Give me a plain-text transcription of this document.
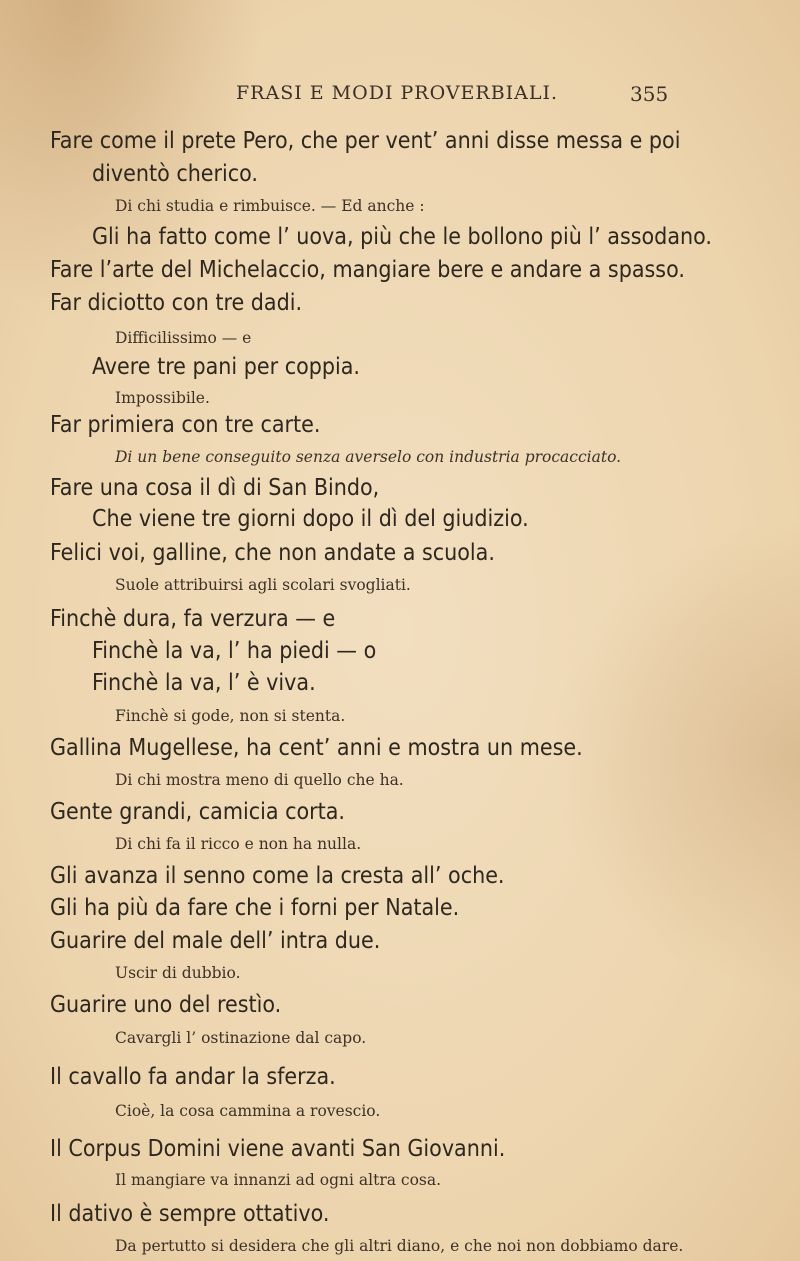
FRASI E MODI PROVERBIALI.	355
Fare come il prete Pero, che per vent’ anni disse messa e poi
diventò cherico.
Di chi studia e rimbuisce. — Ed anche :
Gli ha fatto come l’ uova, più che le bollono più l’ assodano.
Fare l’arte del Michelaccio, mangiare bere e andare a spasso.
Far diciotto con tre dadi.
Difficilissimo — e
Avere tre pani per coppia.
Impossibile.
Far primiera con tre carte.
Di un bene conseguito senza averselo con industria procacciato.
Fare una cosa il dì di San Bindo,
Che viene tre giorni dopo il dì del giudizio.
Felici voi, galline, che non andate a scuola.
Suole attribuirsi agli scolari svogliati.
Finchè dura, fa verzura — e
Finchè la va, l’ ha piedi — o
Finchè la va, l’ è viva.
Finchè si gode, non si stenta.
Gallina Mugellese, ha cent’ anni e mostra un mese.
Di chi mostra meno di quello che ha.
Gente grandi, camicia corta.
Di chi fa il ricco e non ha nulla.
Gli avanza il senno come la cresta all’ oche.
Gli ha più da fare che i forni per Natale.
Guarire del male dell’ intra due.
Uscir di dubbio.
Guarire uno del restìo.
Cavargli l’ ostinazione dal capo.
Il cavallo fa andar la sferza.
Cioè, la cosa cammina a rovescio.
Il Corpus Domini viene avanti San Giovanni.
Il mangiare va innanzi ad ogni altra cosa.
Il dativo è sempre ottativo.
Da pertutto si desidera che gli altri diano, e che noi non dobbiamo dare.
